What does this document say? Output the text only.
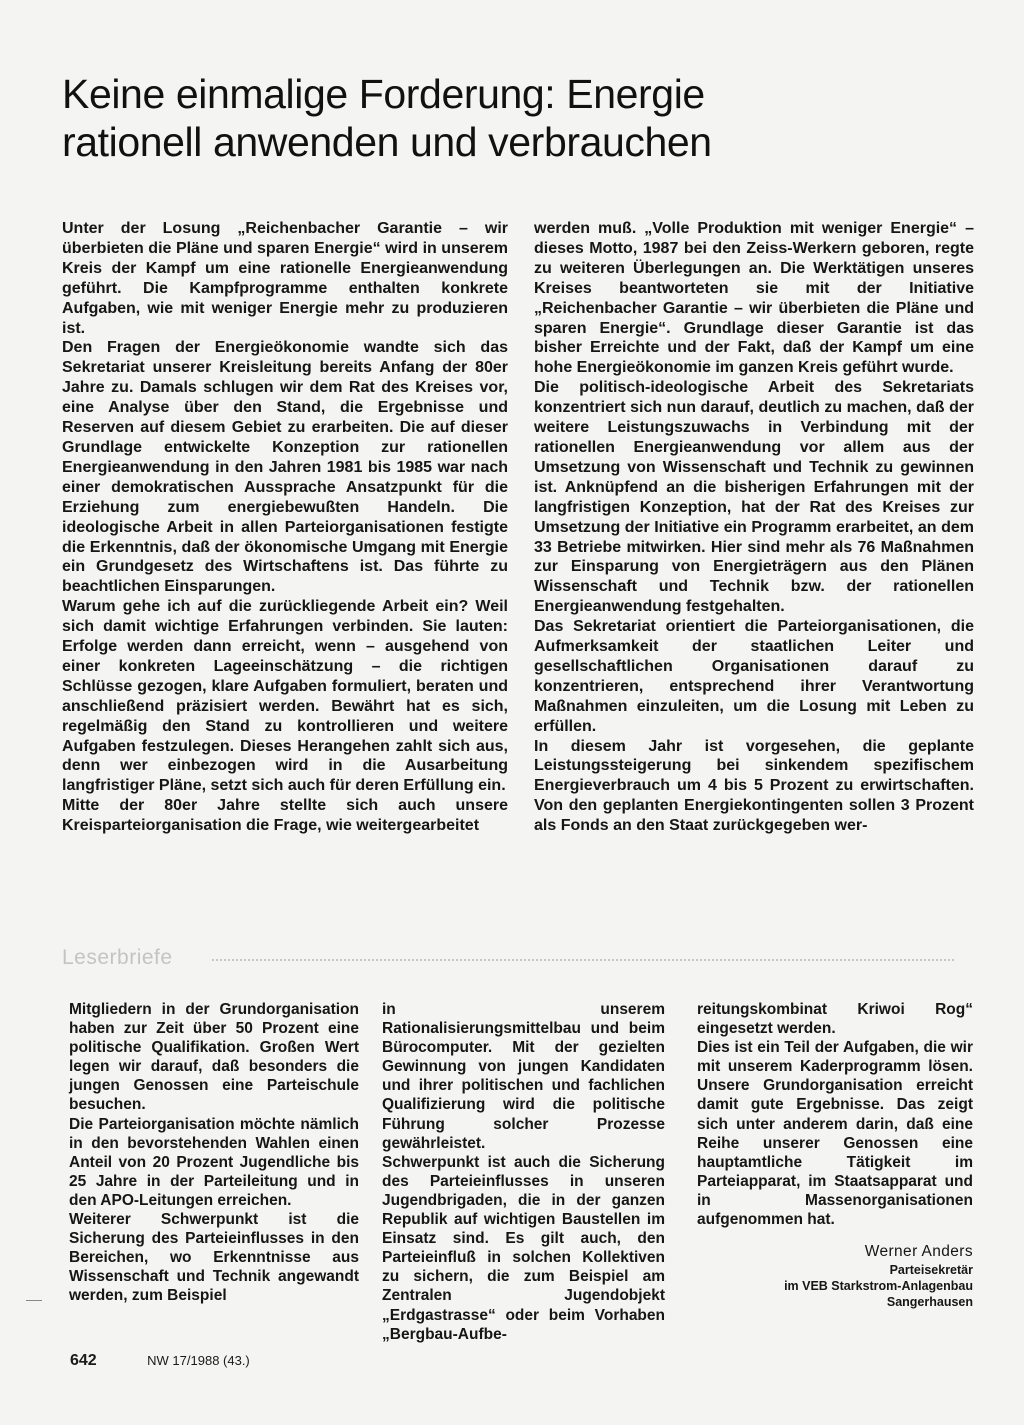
Keine einmalige Forderung: Energie rationell anwenden und verbrauchen

Unter der Losung „Reichenbacher Garantie – wir überbieten die Pläne und sparen Energie“ wird in unserem Kreis der Kampf um eine rationelle Energieanwendung geführt. Die Kampfprogramme enthalten konkrete Aufgaben, wie mit weniger Energie mehr zu produzieren ist.

Den Fragen der Energieökonomie wandte sich das Sekretariat unserer Kreisleitung bereits Anfang der 80er Jahre zu. Damals schlugen wir dem Rat des Kreises vor, eine Analyse über den Stand, die Ergebnisse und Reserven auf diesem Gebiet zu erarbeiten. Die auf dieser Grundlage entwickelte Konzeption zur rationellen Energieanwendung in den Jahren 1981 bis 1985 war nach einer demokratischen Aussprache Ansatzpunkt für die Erziehung zum energiebewußten Handeln. Die ideologische Arbeit in allen Parteiorganisationen festigte die Erkenntnis, daß der ökonomische Umgang mit Energie ein Grundgesetz des Wirtschaftens ist. Das führte zu beachtlichen Einsparungen.

Warum gehe ich auf die zurückliegende Arbeit ein? Weil sich damit wichtige Erfahrungen verbinden. Sie lauten: Erfolge werden dann erreicht, wenn – ausgehend von einer konkreten Lageeinschätzung – die richtigen Schlüsse gezogen, klare Aufgaben formuliert, beraten und anschließend präzisiert werden. Bewährt hat es sich, regelmäßig den Stand zu kontrollieren und weitere Aufgaben festzulegen. Dieses Herangehen zahlt sich aus, denn wer einbezogen wird in die Ausarbeitung langfristiger Pläne, setzt sich auch für deren Erfüllung ein.

Mitte der 80er Jahre stellte sich auch unsere Kreisparteiorganisation die Frage, wie weitergearbeitet

werden muß. „Volle Produktion mit weniger Energie“ – dieses Motto, 1987 bei den Zeiss-Werkern geboren, regte zu weiteren Überlegungen an. Die Werktätigen unseres Kreises beantworteten sie mit der Initiative „Reichenbacher Garantie – wir überbieten die Pläne und sparen Energie“. Grundlage dieser Garantie ist das bisher Erreichte und der Fakt, daß der Kampf um eine hohe Energieökonomie im ganzen Kreis geführt wurde.

Die politisch-ideologische Arbeit des Sekretariats konzentriert sich nun darauf, deutlich zu machen, daß der weitere Leistungszuwachs in Verbindung mit der rationellen Energieanwendung vor allem aus der Umsetzung von Wissenschaft und Technik zu gewinnen ist. Anknüpfend an die bisherigen Erfahrungen mit der langfristigen Konzeption, hat der Rat des Kreises zur Umsetzung der Initiative ein Programm erarbeitet, an dem 33 Betriebe mitwirken. Hier sind mehr als 76 Maßnahmen zur Einsparung von Energieträgern aus den Plänen Wissenschaft und Technik bzw. der rationellen Energieanwendung festgehalten.

Das Sekretariat orientiert die Parteiorganisationen, die Aufmerksamkeit der staatlichen Leiter und gesellschaftlichen Organisationen darauf zu konzentrieren, entsprechend ihrer Verantwortung Maßnahmen einzuleiten, um die Losung mit Leben zu erfüllen.

In diesem Jahr ist vorgesehen, die geplante Leistungssteigerung bei sinkendem spezifischem Energieverbrauch um 4 bis 5 Prozent zu erwirtschaften. Von den geplanten Energiekontingenten sollen 3 Prozent als Fonds an den Staat zurückgegeben wer-

Leserbriefe

Mitgliedern in der Grundorganisation haben zur Zeit über 50 Prozent eine politische Qualifikation. Großen Wert legen wir darauf, daß besonders die jungen Genossen eine Parteischule besuchen.

Die Parteiorganisation möchte nämlich in den bevorstehenden Wahlen einen Anteil von 20 Prozent Jugendliche bis 25 Jahre in der Parteileitung und in den APO-Leitungen erreichen.

Weiterer Schwerpunkt ist die Sicherung des Parteieinflusses in den Bereichen, wo Erkenntnisse aus Wissenschaft und Technik angewandt werden, zum Beispiel

in unserem Rationalisierungsmittelbau und beim Bürocomputer. Mit der gezielten Gewinnung von jungen Kandidaten und ihrer politischen und fachlichen Qualifizierung wird die politische Führung solcher Prozesse gewährleistet.

Schwerpunkt ist auch die Sicherung des Parteieinflusses in unseren Jugendbrigaden, die in der ganzen Republik auf wichtigen Baustellen im Einsatz sind. Es gilt auch, den Parteieinfluß in solchen Kollektiven zu sichern, die zum Beispiel am Zentralen Jugendobjekt „Erdgastrasse“ oder beim Vorhaben „Bergbau-Aufbe-

reitungskombinat Kriwoi Rog“ eingesetzt werden.

Dies ist ein Teil der Aufgaben, die wir mit unserem Kaderprogramm lösen. Unsere Grundorganisation erreicht damit gute Ergebnisse. Das zeigt sich unter anderem darin, daß eine Reihe unserer Genossen eine hauptamtliche Tätigkeit im Parteiapparat, im Staatsapparat und in Massenorganisationen aufgenommen hat.

Werner Anders
Parteisekretär
im VEB Starkstrom-Anlagenbau
Sangerhausen
642	NW 17/1988 (43.)
